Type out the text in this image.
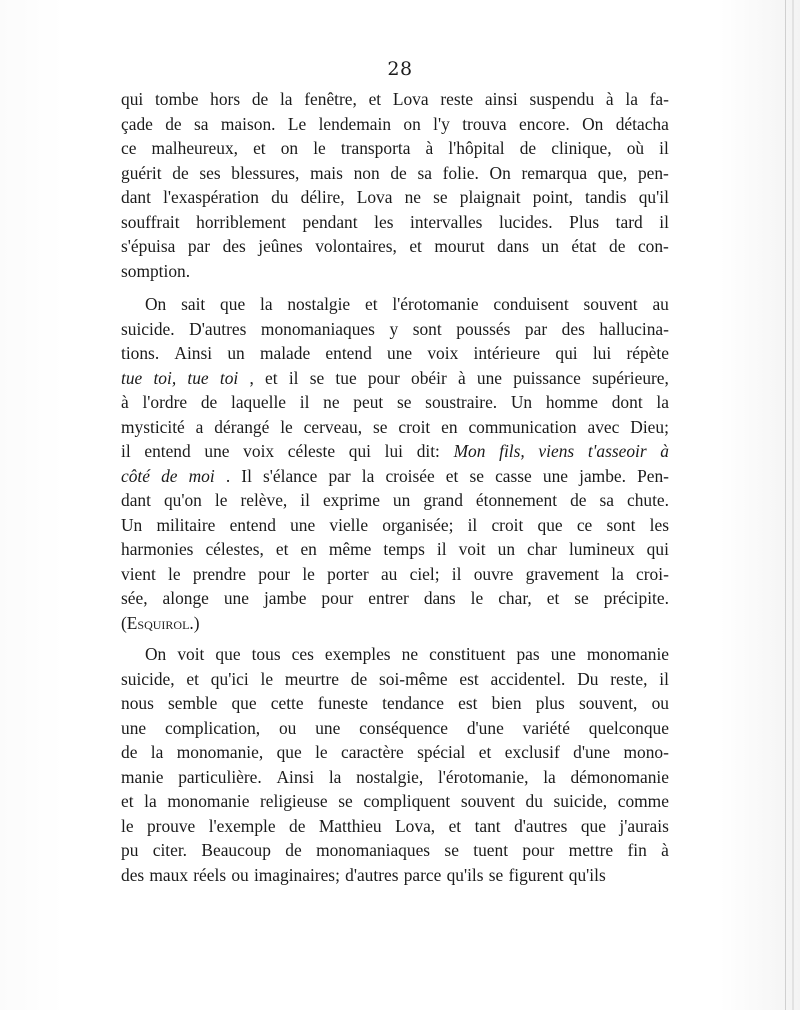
28
qui tombe hors de la fenêtre, et Lova reste ainsi suspendu à la fa-
çade de sa maison. Le lendemain on l'y trouva encore. On détacha
ce malheureux, et on le transporta à l'hôpital de clinique, où il
guérit de ses blessures, mais non de sa folie. On remarqua que, pen-
dant l'exaspération du délire, Lova ne se plaignait point, tandis qu'il
souffrait horriblement pendant les intervalles lucides. Plus tard il
s'épuisa par des jeûnes volontaires, et mourut dans un état de con-
somption.
On sait que la nostalgie et l'érotomanie conduisent souvent au
suicide. D'autres monomaniaques y sont poussés par des hallucina-
tions. Ainsi un malade entend une voix intérieure qui lui répète
tue toi, tue toi , et il se tue pour obéir à une puissance supérieure,
à l'ordre de laquelle il ne peut se soustraire. Un homme dont la
mysticité a dérangé le cerveau, se croit en communication avec Dieu;
il entend une voix céleste qui lui dit: Mon fils, viens t'asseoir à
côté de moi . Il s'élance par la croisée et se casse une jambe. Pen-
dant qu'on le relève, il exprime un grand étonnement de sa chute.
Un militaire entend une vielle organisée; il croit que ce sont les
harmonies célestes, et en même temps il voit un char lumineux qui
vient le prendre pour le porter au ciel; il ouvre gravement la croi-
sée, alonge une jambe pour entrer dans le char, et se précipite.
(Esquirol.)
On voit que tous ces exemples ne constituent pas une monomanie
suicide, et qu'ici le meurtre de soi-même est accidentel. Du reste, il
nous semble que cette funeste tendance est bien plus souvent, ou
une complication, ou une conséquence d'une variété quelconque
de la monomanie, que le caractère spécial et exclusif d'une mono-
manie particulière. Ainsi la nostalgie, l'érotomanie, la démonomanie
et la monomanie religieuse se compliquent souvent du suicide, comme
le prouve l'exemple de Matthieu Lova, et tant d'autres que j'aurais
pu citer. Beaucoup de monomaniaques se tuent pour mettre fin à
des maux réels ou imaginaires; d'autres parce qu'ils se figurent qu'ils
